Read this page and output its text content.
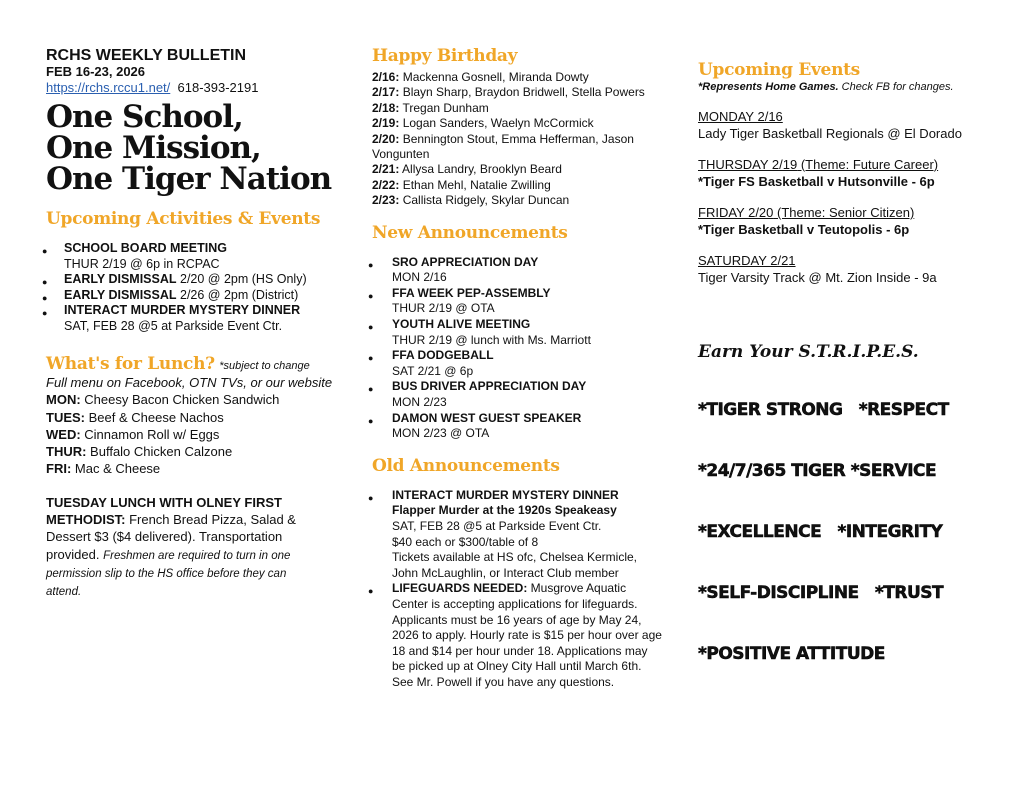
RCHS WEEKLY BULLETIN
FEB 16-23, 2026
https://rchs.rccu1.net/ 618-393-2191
One School,
One Mission,
One Tiger Nation
Upcoming Activities & Events
● SCHOOL BOARD MEETING
THUR 2/19 @ 6p in RCPAC
● EARLY DISMISSAL 2/20 @ 2pm (HS Only)
● EARLY DISMISSAL 2/26 @ 2pm (District)
● INTERACT MURDER MYSTERY DINNER
SAT, FEB 28 @5 at Parkside Event Ctr.
What's for Lunch? *subject to change
Full menu on Facebook, OTN TVs, or our website
MON: Cheesy Bacon Chicken Sandwich
TUES: Beef & Cheese Nachos
WED: Cinnamon Roll w/ Eggs
THUR: Buffalo Chicken Calzone
FRI: Mac & Cheese
TUESDAY LUNCH WITH OLNEY FIRST METHODIST: French Bread Pizza, Salad & Dessert $3 ($4 delivered). Transportation provided. Freshmen are required to turn in one permission slip to the HS office before they can attend.
Happy Birthday
2/16: Mackenna Gosnell, Miranda Dowty
2/17: Blayn Sharp, Braydon Bridwell, Stella Powers
2/18: Tregan Dunham
2/19: Logan Sanders, Waelyn McCormick
2/20: Bennington Stout, Emma Hefferman, Jason Vongunten
2/21: Allysa Landry, Brooklyn Beard
2/22: Ethan Mehl, Natalie Zwilling
2/23: Callista Ridgely, Skylar Duncan
New Announcements
● SRO APPRECIATION DAY
MON 2/16
● FFA WEEK PEP-ASSEMBLY
THUR 2/19 @ OTA
● YOUTH ALIVE MEETING
THUR 2/19 @ lunch with Ms. Marriott
● FFA DODGEBALL
SAT 2/21 @ 6p
● BUS DRIVER APPRECIATION DAY
MON 2/23
● DAMON WEST GUEST SPEAKER
MON 2/23 @ OTA
Old Announcements
● INTERACT MURDER MYSTERY DINNER
Flapper Murder at the 1920s Speakeasy
SAT, FEB 28 @5 at Parkside Event Ctr.
$40 each or $300/table of 8
Tickets available at HS ofc, Chelsea Kermicle, John McLaughlin, or Interact Club member
● LIFEGUARDS NEEDED: Musgrove Aquatic Center is accepting applications for lifeguards. Applicants must be 16 years of age by May 24, 2026 to apply. Hourly rate is $15 per hour over age 18 and $14 per hour under 18. Applications may be picked up at Olney City Hall until March 6th. See Mr. Powell if you have any questions.
Upcoming Events
*Represents Home Games. Check FB for changes.
MONDAY 2/16
Lady Tiger Basketball Regionals @ El Dorado
THURSDAY 2/19 (Theme: Future Career)
*Tiger FS Basketball v Hutsonville - 6p
FRIDAY 2/20 (Theme: Senior Citizen)
*Tiger Basketball v Teutopolis - 6p
SATURDAY 2/21
Tiger Varsity Track @ Mt. Zion Inside - 9a
Earn Your S.T.R.I.P.E.S.

*TIGER STRONG   *RESPECT

*24/7/365 TIGER *SERVICE

*EXCELLENCE   *INTEGRITY

*SELF-DISCIPLINE   *TRUST

*POSITIVE ATTITUDE
